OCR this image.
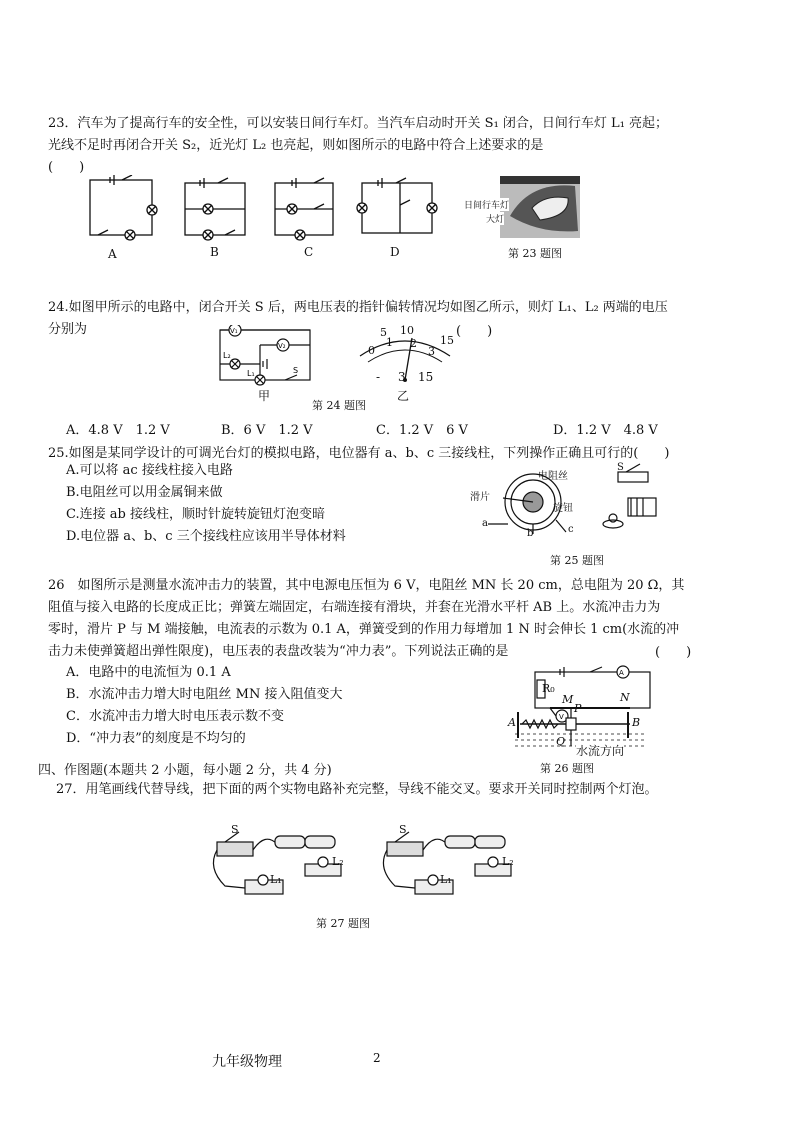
23．汽车为了提高行车的安全性，可以安装日间行车灯。当汽车启动时开关 S₁ 闭合，日间行车灯 L₁ 亮起；
光线不足时再闭合开关 S₂，近光灯 L₂ 也亮起，则如图所示的电路中符合上述要求的是
(　　)
A	B	C	D
日间行车灯
大灯
第 23 题图
24.如图甲所示的电路中，闭合开关 S 后，两电压表的指针偏转情况均如图乙所示，则灯 L₁、L₂ 两端的电压
分别为	(　　)
V₁
V₂
L₂
L₁	S
甲
5 10
15
0
1 2
3
- 3 15
乙
第 24 题图
A．4.8 V　1.2 V	B．6 V　1.2 V	C．1.2 V　6 V	D．1.2 V　4.8 V
25.如图是某同学设计的可调光台灯的模拟电路，电位器有 a、b、c 三接线柱，下列操作正确且可行的(　　)
A.可以将 ac 接线柱接入电路
B.电阻丝可以用金属铜来做
C.连接 ab 接线柱，顺时针旋转旋钮灯泡变暗
D.电位器 a、b、c 三个接线柱应该用半导体材料
电阻丝
滑片
旋钮
a
b	c
S
第 25 题图
26　如图所示是测量水流冲击力的装置，其中电源电压恒为 6 V，电阻丝 MN 长 20 cm，总电阻为 20 Ω，其
阻值与接入电路的长度成正比；弹簧左端固定，右端连接有滑块，并套在光滑水平杆 AB 上。水流冲击力为
零时，滑片 P 与 M 端接触，电流表的示数为 0.1 A，弹簧受到的作用力每增加 1 N 时会伸长 1 cm(水流的冲
击力未使弹簧超出弹性限度)，电压表的表盘改装为“冲力表”。下列说法正确的是	(　　)
A．电路中的电流恒为 0.1 A
B．水流冲击力增大时电阻丝 MN 接入阻值变大
C．水流冲击力增大时电压表示数不变
D．“冲力表”的刻度是不均匀的
A
V
R₀
M	N
P
A	B
Q
水流方向
第 26 题图
四、作图题(本题共 2 小题，每小题 2 分，共 4 分)
27．用笔画线代替导线，把下面的两个实物电路补充完整，导线不能交叉。要求开关同时控制两个灯泡。
S
L₂
L₁
S
L₂
L₁
第 27 题图
九年级物理	2
